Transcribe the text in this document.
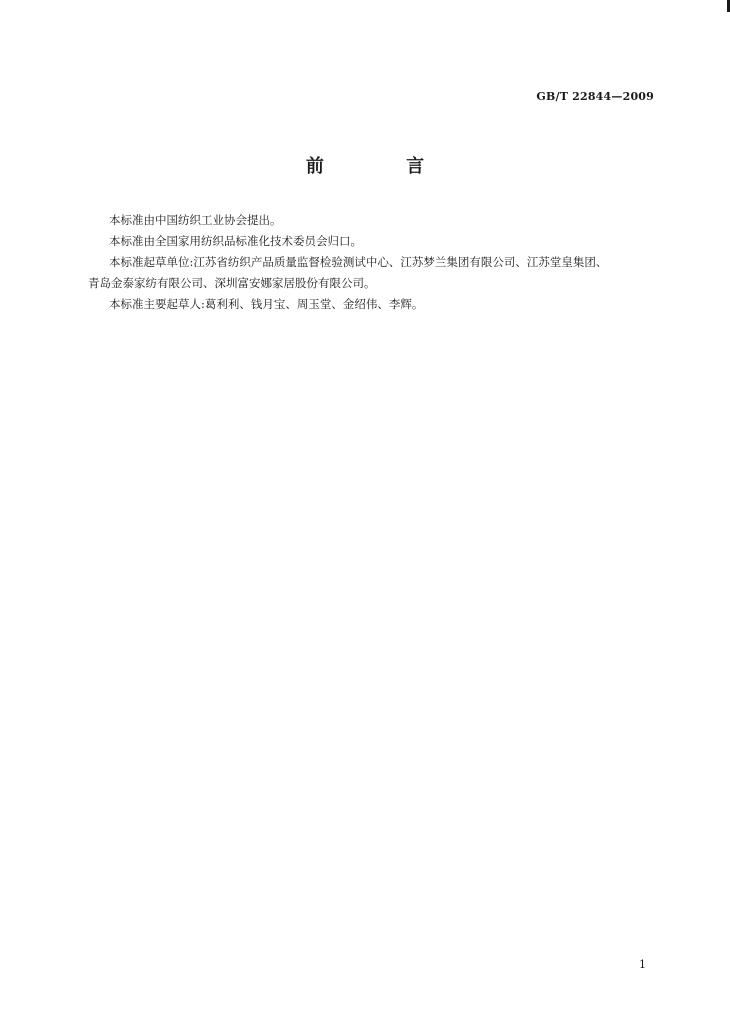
GB/T 22844—2009
前 言

本标准由中国纺织工业协会提出。

本标准由全国家用纺织品标准化技术委员会归口。

本标准起草单位:江苏省纺织产品质量监督检验测试中心、江苏梦兰集团有限公司、江苏堂皇集团、

青岛金泰家纺有限公司、深圳富安娜家居股份有限公司。

本标准主要起草人:葛利利、钱月宝、周玉堂、金绍伟、李辉。

1
